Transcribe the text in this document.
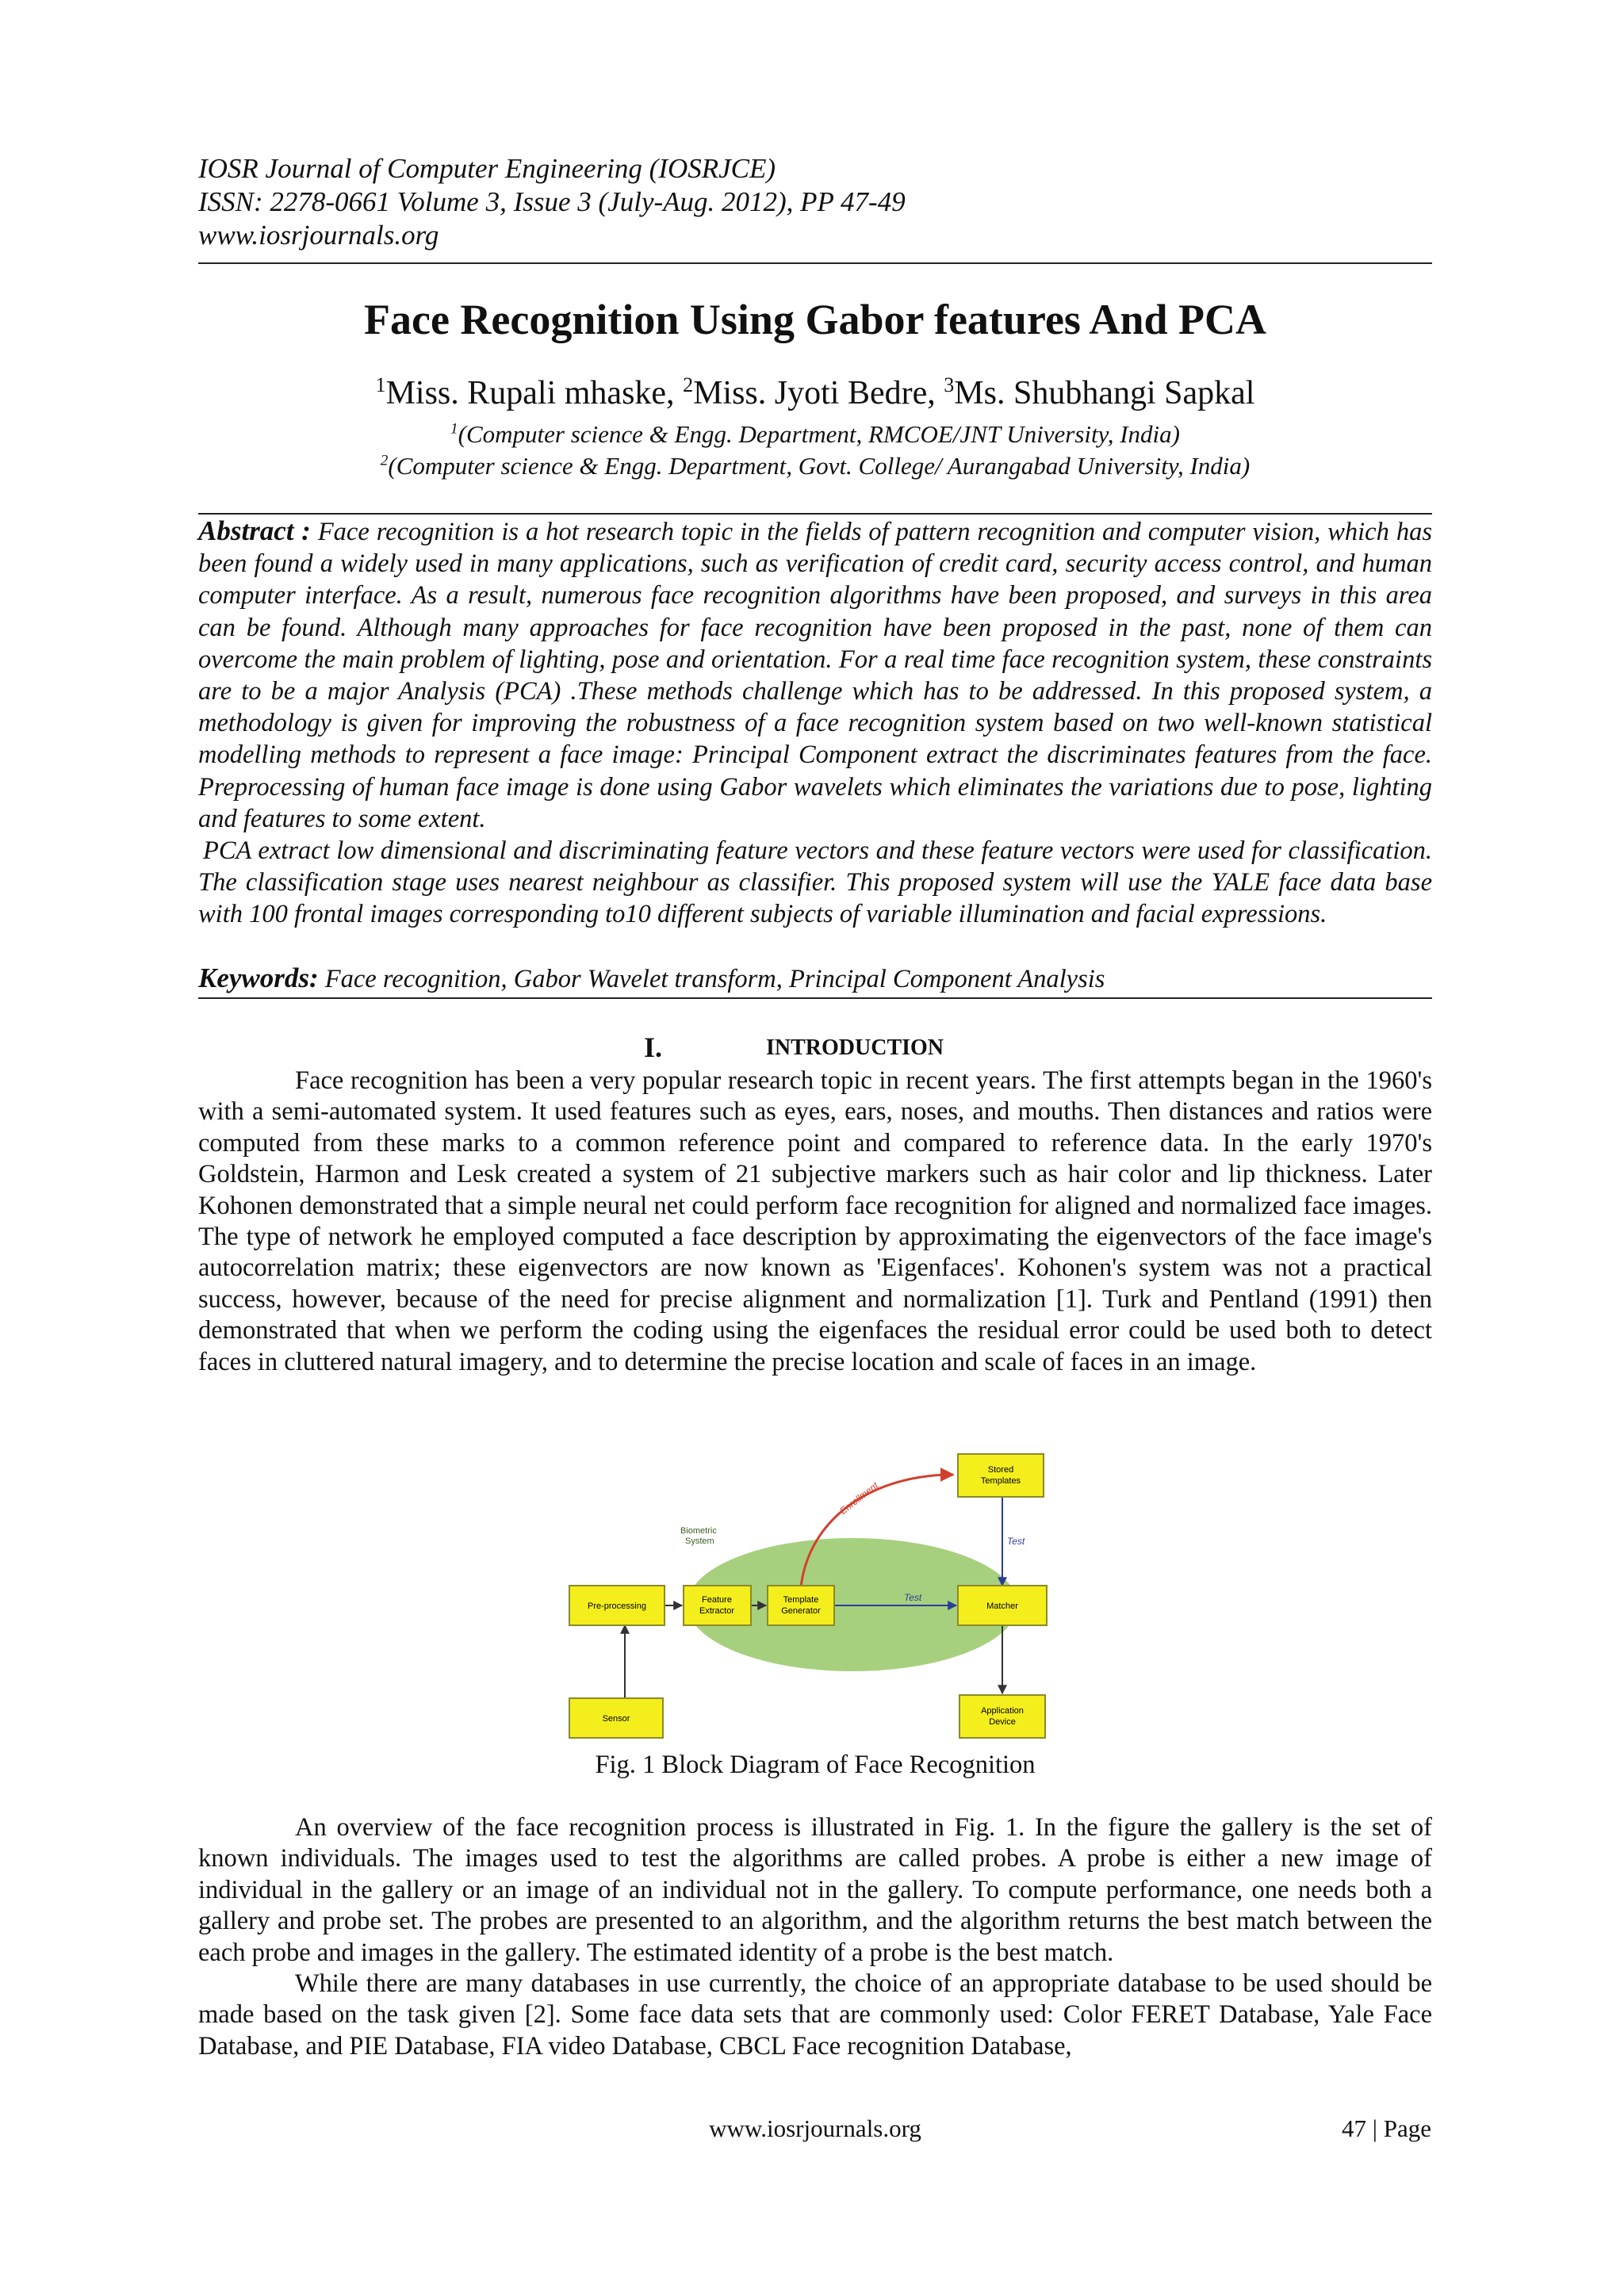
IOSR Journal of Computer Engineering (IOSRJCE)
ISSN: 2278-0661 Volume 3, Issue 3 (July-Aug. 2012), PP 47-49
www.iosrjournals.org
Face Recognition Using Gabor features And PCA
$^1$Miss. Rupali mhaske, $^2$Miss. Jyoti Bedre, $^3$Ms. Shubhangi Sapkal
$^1$(Computer science & Engg. Department, RMCOE/JNT University, India)
$^2$(Computer science & Engg. Department, Govt. College/ Aurangabad University, India)

Abstract : Face recognition is a hot research topic in the fields of pattern recognition and computer vision, which has been found a widely used in many applications, such as verification of credit card, security access control, and human computer interface. As a result, numerous face recognition algorithms have been proposed, and surveys in this area can be found. Although many approaches for face recognition have been proposed in the past, none of them can overcome the main problem of lighting, pose and orientation. For a real time face recognition system, these constraints are to be a major Analysis (PCA) .These methods challenge which has to be addressed. In this proposed system, a methodology is given for improving the robustness of a face recognition system based on two well-known statistical modelling methods to represent a face image: Principal Component extract the discriminates features from the face. Preprocessing of human face image is done using Gabor wavelets which eliminates the variations due to pose, lighting and features to some extent.

PCA extract low dimensional and discriminating feature vectors and these feature vectors were used for classification. The classification stage uses nearest neighbour as classifier. This proposed system will use the YALE face data base with 100 frontal images corresponding to10 different subjects of variable illumination and facial expressions.

Keywords: Face recognition, Gabor Wavelet transform, Principal Component Analysis
I.	INTRODUCTION

Face recognition has been a very popular research topic in recent years. The first attempts began in the 1960's with a semi-automated system. It used features such as eyes, ears, noses, and mouths. Then distances and ratios were computed from these marks to a common reference point and compared to reference data. In the early 1970's Goldstein, Harmon and Lesk created a system of 21 subjective markers such as hair color and lip thickness. Later Kohonen demonstrated that a simple neural net could perform face recognition for aligned and normalized face images. The type of network he employed computed a face description by approximating the eigenvectors of the face image's autocorrelation matrix; these eigenvectors are now known as 'Eigenfaces'. Kohonen's system was not a practical success, however, because of the need for precise alignment and normalization [1]. Turk and Pentland (1991) then demonstrated that when we perform the coding using the eigenfaces the residual error could be used both to detect faces in cluttered natural imagery, and to determine the precise location and scale of faces in an image.

Biometric
System
Enrollment
Test
Test
Pre-processing
Feature
Extractor
Template
Generator
Stored
Templates
Matcher
Sensor
Application
Device
Fig. 1 Block Diagram of Face Recognition

An overview of the face recognition process is illustrated in Fig. 1. In the figure the gallery is the set of known individuals. The images used to test the algorithms are called probes. A probe is either a new image of individual in the gallery or an image of an individual not in the gallery. To compute performance, one needs both a gallery and probe set. The probes are presented to an algorithm, and the algorithm returns the best match between the each probe and images in the gallery. The estimated identity of a probe is the best match.

While there are many databases in use currently, the choice of an appropriate database to be used should be made based on the task given [2]. Some face data sets that are commonly used: Color FERET Database, Yale Face Database, and PIE Database, FIA video Database, CBCL Face recognition Database,

www.iosrjournals.org	47 | Page
